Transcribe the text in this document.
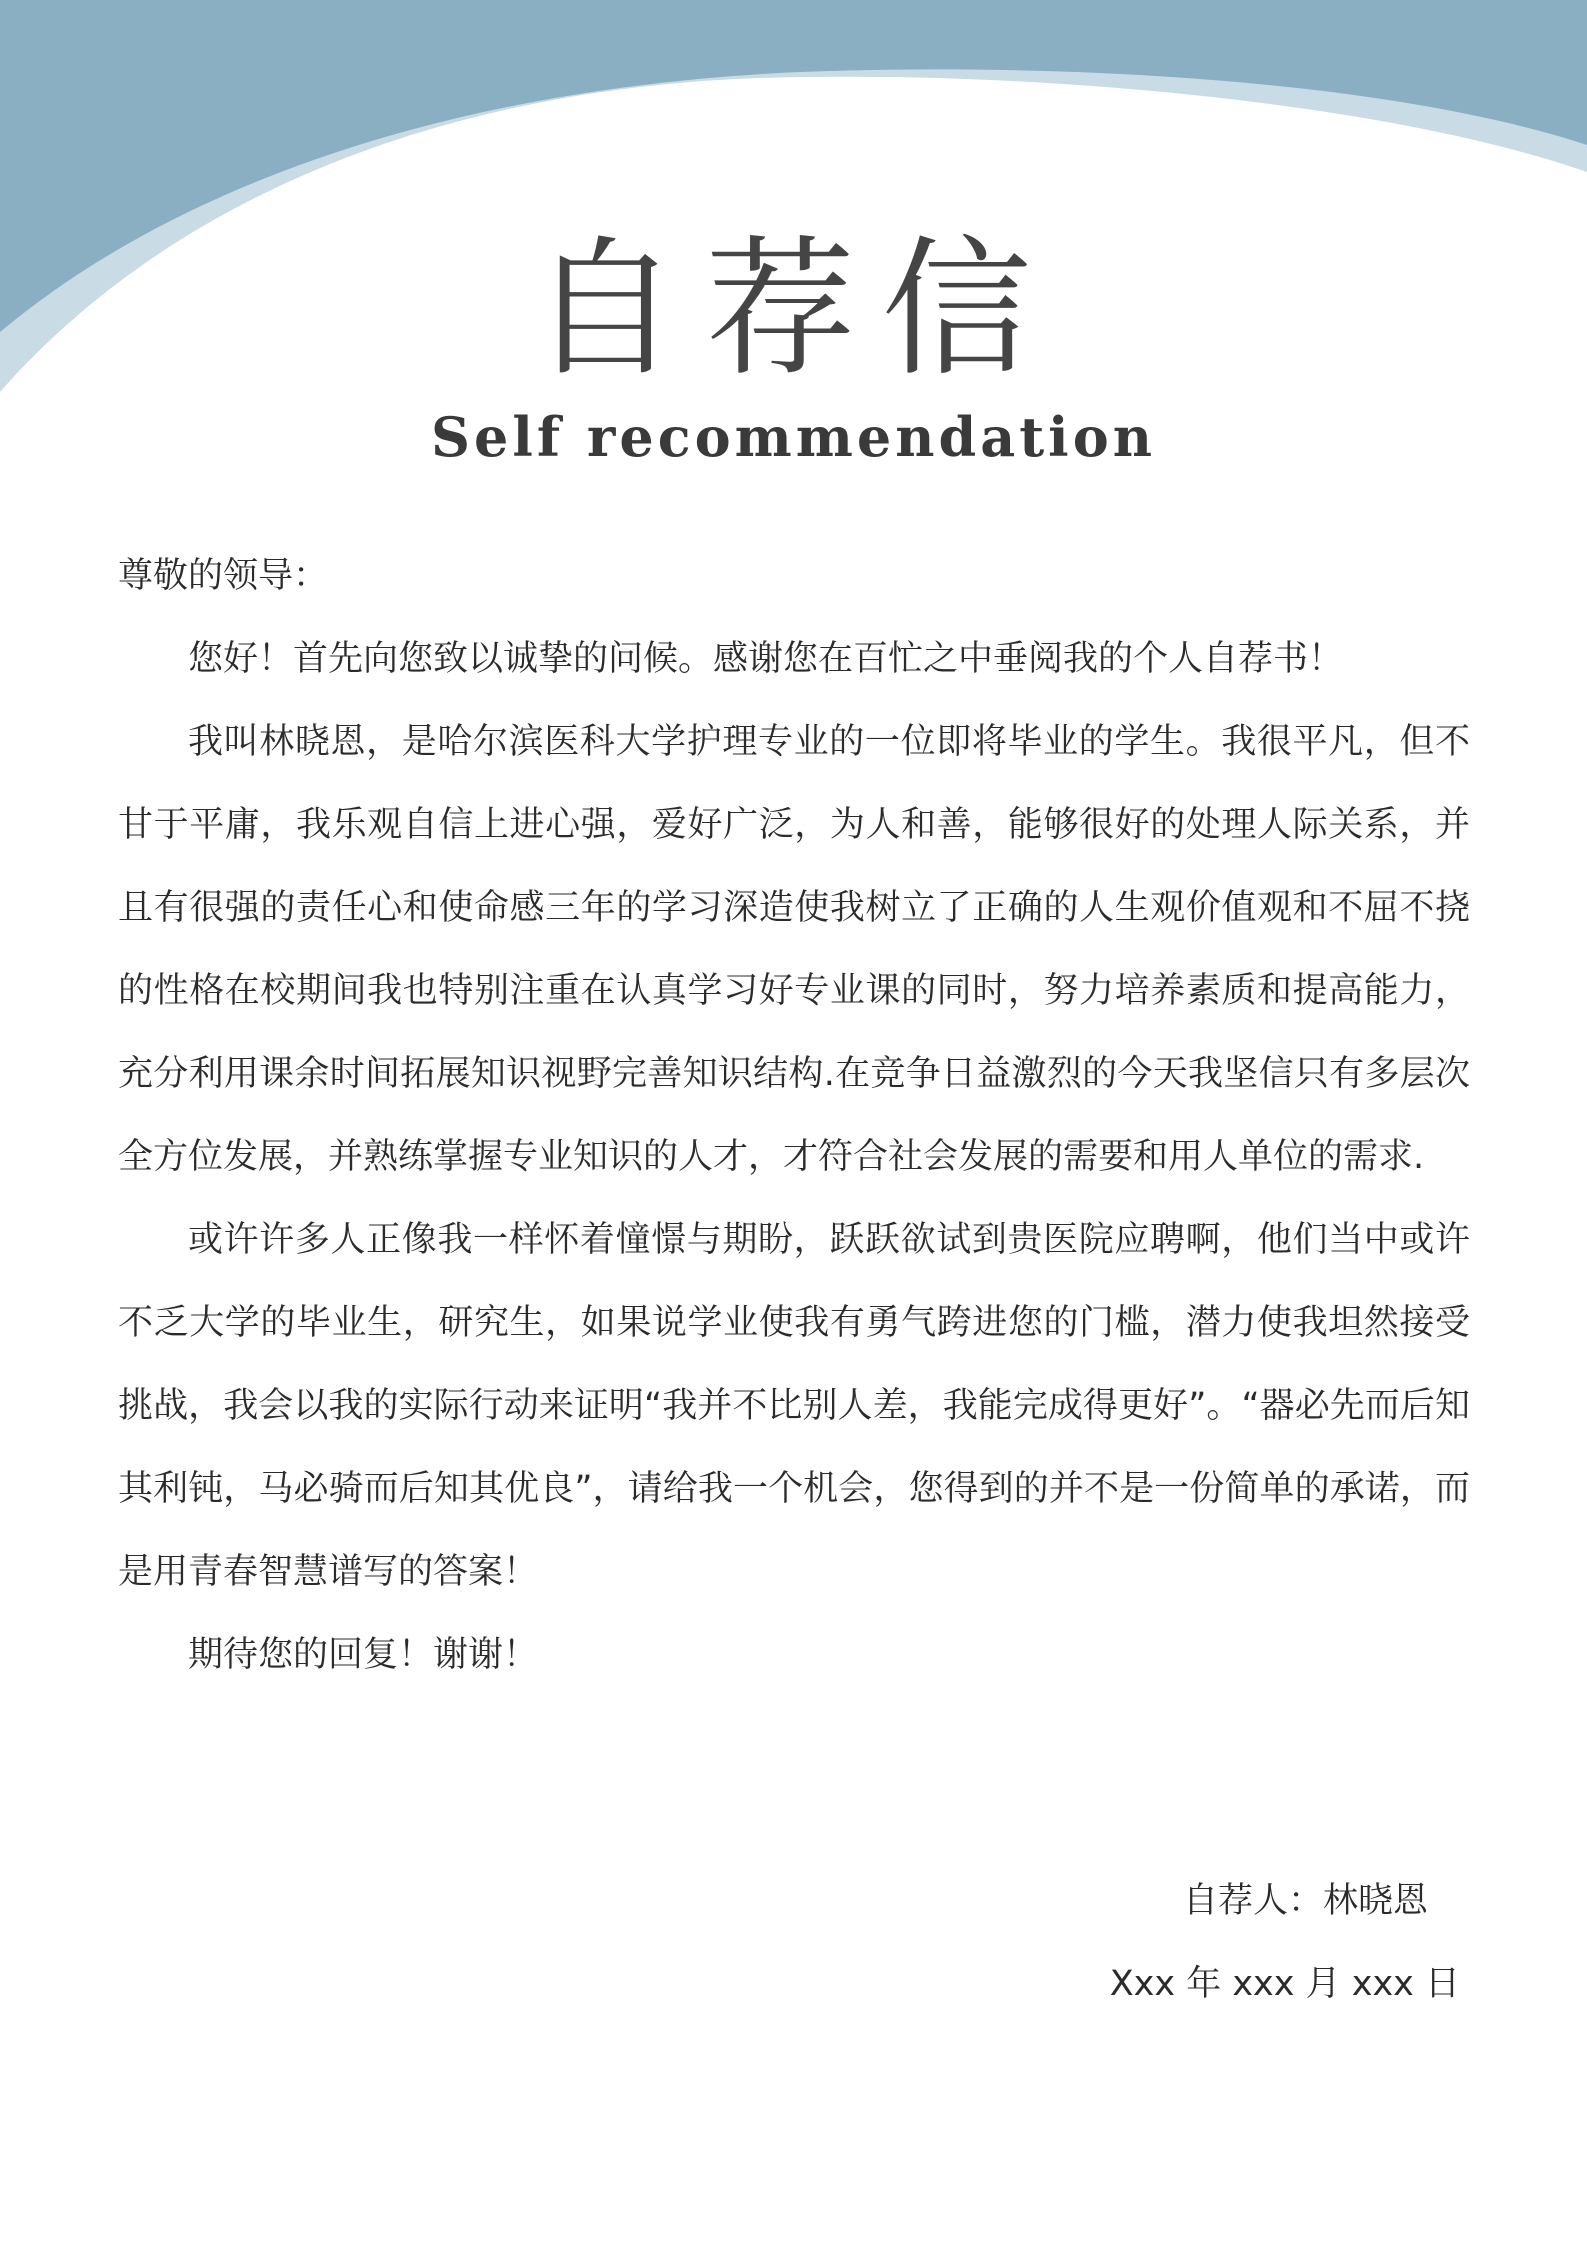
自荐信
Self recommendation

尊敬的领导：

您好！首先向您致以诚挚的问候。感谢您在百忙之中垂阅我的个人自荐书！

我叫林晓恩，是哈尔滨医科大学护理专业的一位即将毕业的学生。我很平凡，但不甘于平庸，我乐观自信上进心强，爱好广泛，为人和善，能够很好的处理人际关系，并且有很强的责任心和使命感三年的学习深造使我树立了正确的人生观价值观和不屈不挠的性格在校期间我也特别注重在认真学习好专业课的同时，努力培养素质和提高能力，充分利用课余时间拓展知识视野完善知识结构.在竞争日益激烈的今天我坚信只有多层次全方位发展，并熟练掌握专业知识的人才，才符合社会发展的需要和用人单位的需求.

或许许多人正像我一样怀着憧憬与期盼，跃跃欲试到贵医院应聘啊，他们当中或许不乏大学的毕业生，研究生，如果说学业使我有勇气跨进您的门槛，潜力使我坦然接受挑战，我会以我的实际行动来证明“我并不比别人差，我能完成得更好”。“器必先而后知其利钝，马必骑而后知其优良”，请给我一个机会，您得到的并不是一份简单的承诺，而是用青春智慧谱写的答案！

期待您的回复！谢谢！

自荐人：林晓恩

Xxx 年 xxx 月 xxx 日
